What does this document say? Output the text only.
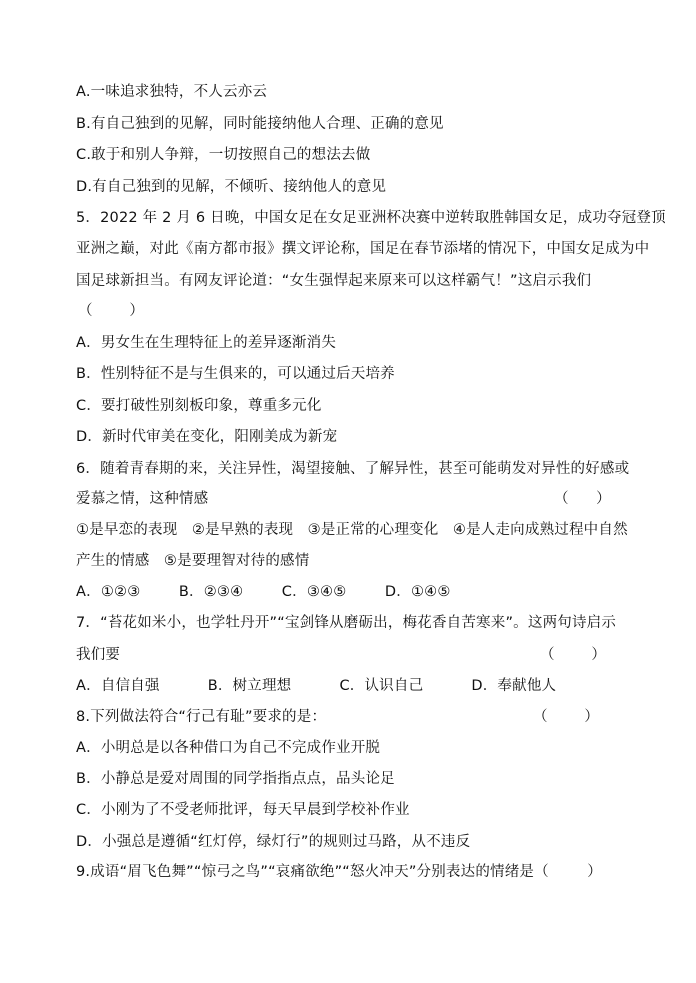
A.一味追求独特，不人云亦云
B.有自己独到的见解，同时能接纳他人合理、正确的意见
C.敢于和别人争辩，一切按照自己的想法去做
D.有自己独到的见解，不倾听、接纳他人的意见
5．2022 年 2 月 6 日晚，中国女足在女足亚洲杯决赛中逆转取胜韩国女足，成功夺冠登顶
亚洲之巅，对此《南方都市报》撰文评论称，国足在春节添堵的情况下，中国女足成为中
国足球新担当。有网友评论道：“女生强悍起来原来可以这样霸气！”这启示我们
（        ）
A．男女生在生理特征上的差异逐渐消失
B．性别特征不是与生俱来的，可以通过后天培养
C．要打破性别刻板印象，尊重多元化
D．新时代审美在变化，阳刚美成为新宠
6．随着青春期的来，关注异性，渴望接触、了解异性，甚至可能萌发对异性的好感或
爱慕之情，这种情感	（      ）
①是早恋的表现   ②是早熟的表现   ③是正常的心理变化   ④是人走向成熟过程中自然
产生的情感   ⑤是要理智对待的感情
A．①②③        B．②③④        C．③④⑤        D．①④⑤
7．“苔花如米小，也学牡丹开”“宝剑锋从磨砺出，梅花香自苦寒来”。这两句诗启示
我们要	（        ）
A．自信自强          B．树立理想          C．认识自己          D．奉献他人
8.下列做法符合“行己有耻”要求的是：	（        ）
A．小明总是以各种借口为自己不完成作业开脱
B．小静总是爱对周围的同学指指点点，品头论足
C．小刚为了不受老师批评，每天早晨到学校补作业
D．小强总是遵循“红灯停，绿灯行”的规则过马路，从不违反
9.成语“眉飞色舞”“惊弓之鸟”“哀痛欲绝”“怒火冲天”分别表达的情绪是（        ）
